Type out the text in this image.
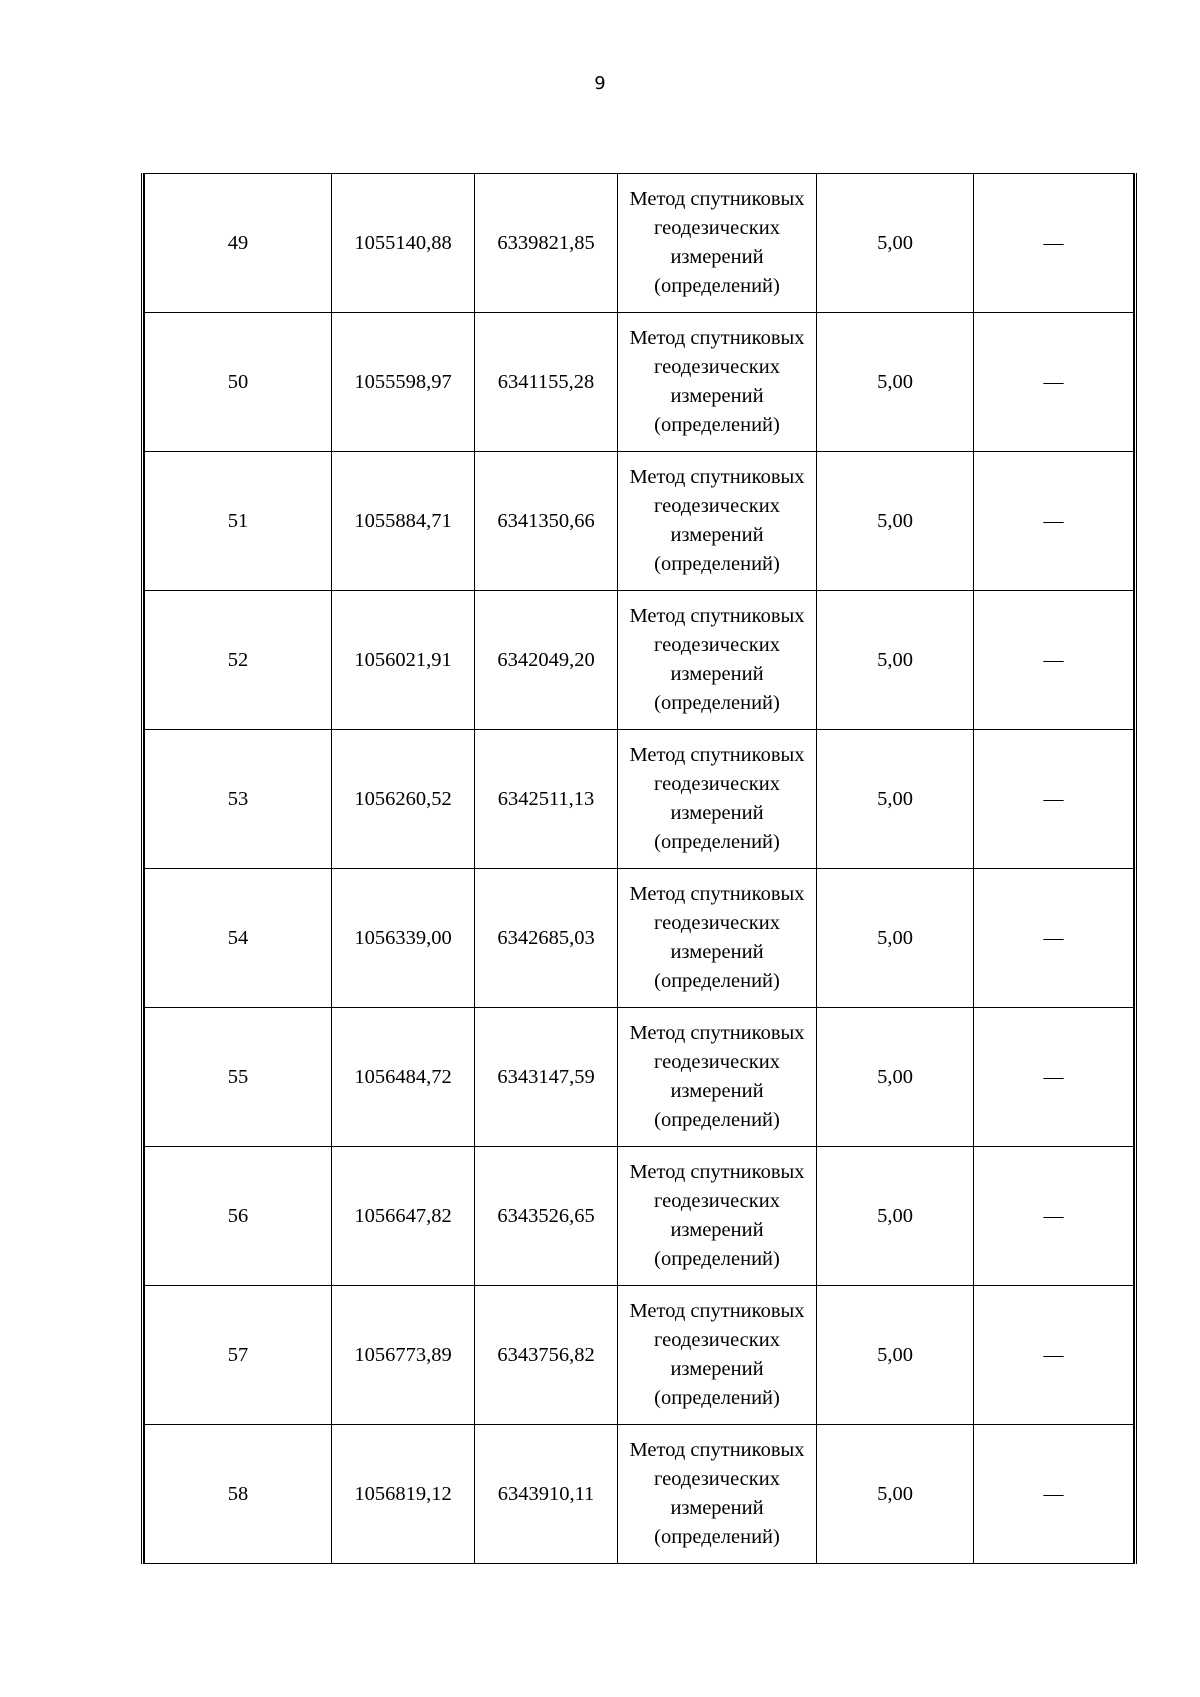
9
49	1055140,88	6339821,85	Метод спутниковых геодезических измерений (определений)	5,00	—
50	1055598,97	6341155,28	Метод спутниковых геодезических измерений (определений)	5,00	—
51	1055884,71	6341350,66	Метод спутниковых геодезических измерений (определений)	5,00	—
52	1056021,91	6342049,20	Метод спутниковых геодезических измерений (определений)	5,00	—
53	1056260,52	6342511,13	Метод спутниковых геодезических измерений (определений)	5,00	—
54	1056339,00	6342685,03	Метод спутниковых геодезических измерений (определений)	5,00	—
55	1056484,72	6343147,59	Метод спутниковых геодезических измерений (определений)	5,00	—
56	1056647,82	6343526,65	Метод спутниковых геодезических измерений (определений)	5,00	—
57	1056773,89	6343756,82	Метод спутниковых геодезических измерений (определений)	5,00	—
58	1056819,12	6343910,11	Метод спутниковых геодезических измерений (определений)	5,00	—
